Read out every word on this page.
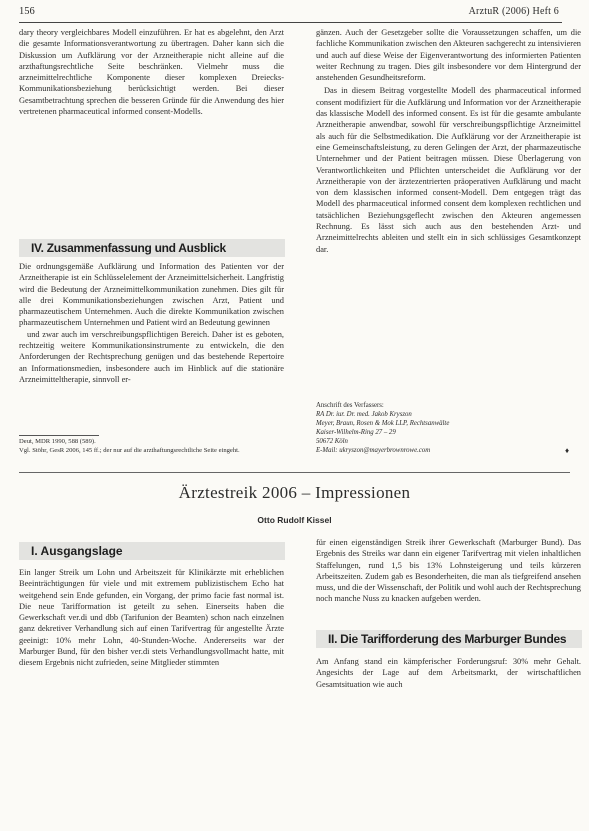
156	ArztuR (2006) Heft 6

dary theory vergleichbares Modell einzuführen. Er hat es abgelehnt, den Arzt die gesamte Informationsverantwortung zu übertragen. Daher kann sich die Diskussion um Aufklärung vor der Arzneitherapie nicht alleine auf die arzthaftungsrechtliche Seite beschränken. Vielmehr muss die arzneimittelrechtliche Komponente dieser komplexen Dreiecks-Kommunikationsbeziehung berücksichtigt werden. Bei dieser Gesamtbetrachtung sprechen die besseren Gründe für die Anwendung des hier vertretenen pharmaceutical informed consent-Modells.

IV. Zusammenfassung und Ausblick

Die ordnungsgemäße Aufklärung und Information des Patienten vor der Arzneitherapie ist ein Schlüsselelement der Arzneimittelsicherheit. Langfristig wird die Bedeutung der Arzneimittelkommunikation zunehmen. Dies gilt für alle drei Kommunikationsbeziehungen zwischen Arzt, Patient und pharmazeutischem Unternehmen. Auch die direkte Kommunikation zwischen pharmazeutischem Unternehmen und Patient wird an Bedeutung gewinnen

und zwar auch im verschreibungspflichtigen Bereich. Daher ist es geboten, rechtzeitig weitere Kommunikationsinstrumente zu entwickeln, die den Anforderungen der Rechtsprechung genügen und das bestehende Repertoire an Informationsmedien, insbesondere auch im Hinblick auf die stationäre Arzneimitteltherapie, sinnvoll er-

Deut, MDR 1990, 588 (589).

Vgl. Stöhr, GesR 2006, 145 ff.; der nur auf die arzthaftungsrechtliche Seite eingeht.

gänzen. Auch der Gesetzgeber sollte die Voraussetzungen schaffen, um die fachliche Kommunikation zwischen den Akteuren sachgerecht zu intensivieren und auch auf diese Weise der Eigenverantwortung des informierten Patienten weiter Rechnung zu tragen. Dies gilt insbesondere vor dem Hintergrund der anstehenden Gesundheitsreform.

Das in diesem Beitrag vorgestellte Modell des pharmaceutical informed consent modifiziert für die Aufklärung und Information vor der Arzneitherapie das klassische Modell des informed consent. Es ist für die gesamte ambulante Arzneitherapie anwendbar, sowohl für verschreibungspflichtige Arzneimittel als auch für die Selbstmedikation. Die Aufklärung vor der Arzneitherapie ist eine Gemeinschaftsleistung, zu deren Gelingen der Arzt, der pharmazeutische Unternehmer und der Patient beitragen müssen. Diese Überlagerung von Verantwortlichkeiten und Pflichten unterscheidet die Aufklärung vor der Arzneitherapie von der ärztezentrierten präoperativen Aufklärung und macht von dem klassischen informed consent-Modell. Dem entgegen trägt das Modell des pharmaceutical informed consent dem komplexen rechtlichen und tatsächlichen Beziehungsgeflecht zwischen den Akteuren angemessen Rechnung. Es lässt sich auch aus den bestehenden Arzt- und Arzneimittelrechts ableiten und stellt ein in sich schlüssiges Gesamtkonzept dar.

Anschrift des Verfassers:

RA Dr. iur. Dr. med. Jakob Kryszon

Meyer, Braun, Rosen & Mok LLP, Rechtsanwälte

Kaiser-Wilhelm-Ring 27 – 29

50672 Köln

E-Mail: ukryszon@mayerbrownrowe.com	♦
Ärztestreik 2006 – Impressionen
Otto Rudolf Kissel
I. Ausgangslage

Ein langer Streik um Lohn und Arbeitszeit für Klinikärzte mit erheblichen Beeinträchtigungen für viele und mit extremem publizistischem Echo hat weitgehend sein Ende gefunden, ein Vorgang, der primo facie fast normal ist. Die neue Tarifformation ist geteilt zu sehen. Einerseits haben die Gewerkschaft ver.di und dbb (Tarifunion der Beamten) schon nach einzelnen ganz dekretiver Verhandlung sich auf einen Tarifvertrag für angestellte Ärzte geeinigt: 10% mehr Lohn, 40-Stunden-Woche. Andererseits war der Marburger Bund, für den bisher ver.di stets Verhandlungsvollmacht hatte, mit diesem Ergebnis nicht zufrieden, seine Mitglieder stimmten

für einen eigenständigen Streik ihrer Gewerkschaft (Marburger Bund). Das Ergebnis des Streiks war dann ein eigener Tarifvertrag mit vielen inhaltlichen Staffelungen, rund 1,5 bis 13% Lohnsteigerung und teils kürzeren Arbeitszeiten. Zudem gab es Besonderheiten, die man als tiefgreifend ansehen muss, und die der Wissenschaft, der Politik und wohl auch der Rechtsprechung noch manche Nuss zu knacken aufgeben werden.

II. Die Tarifforderung des Marburger Bundes

Am Anfang stand ein kämpferischer Forderungsruf: 30% mehr Gehalt. Angesichts der Lage auf dem Arbeitsmarkt, der wirtschaftlichen Gesamtsituation wie auch
